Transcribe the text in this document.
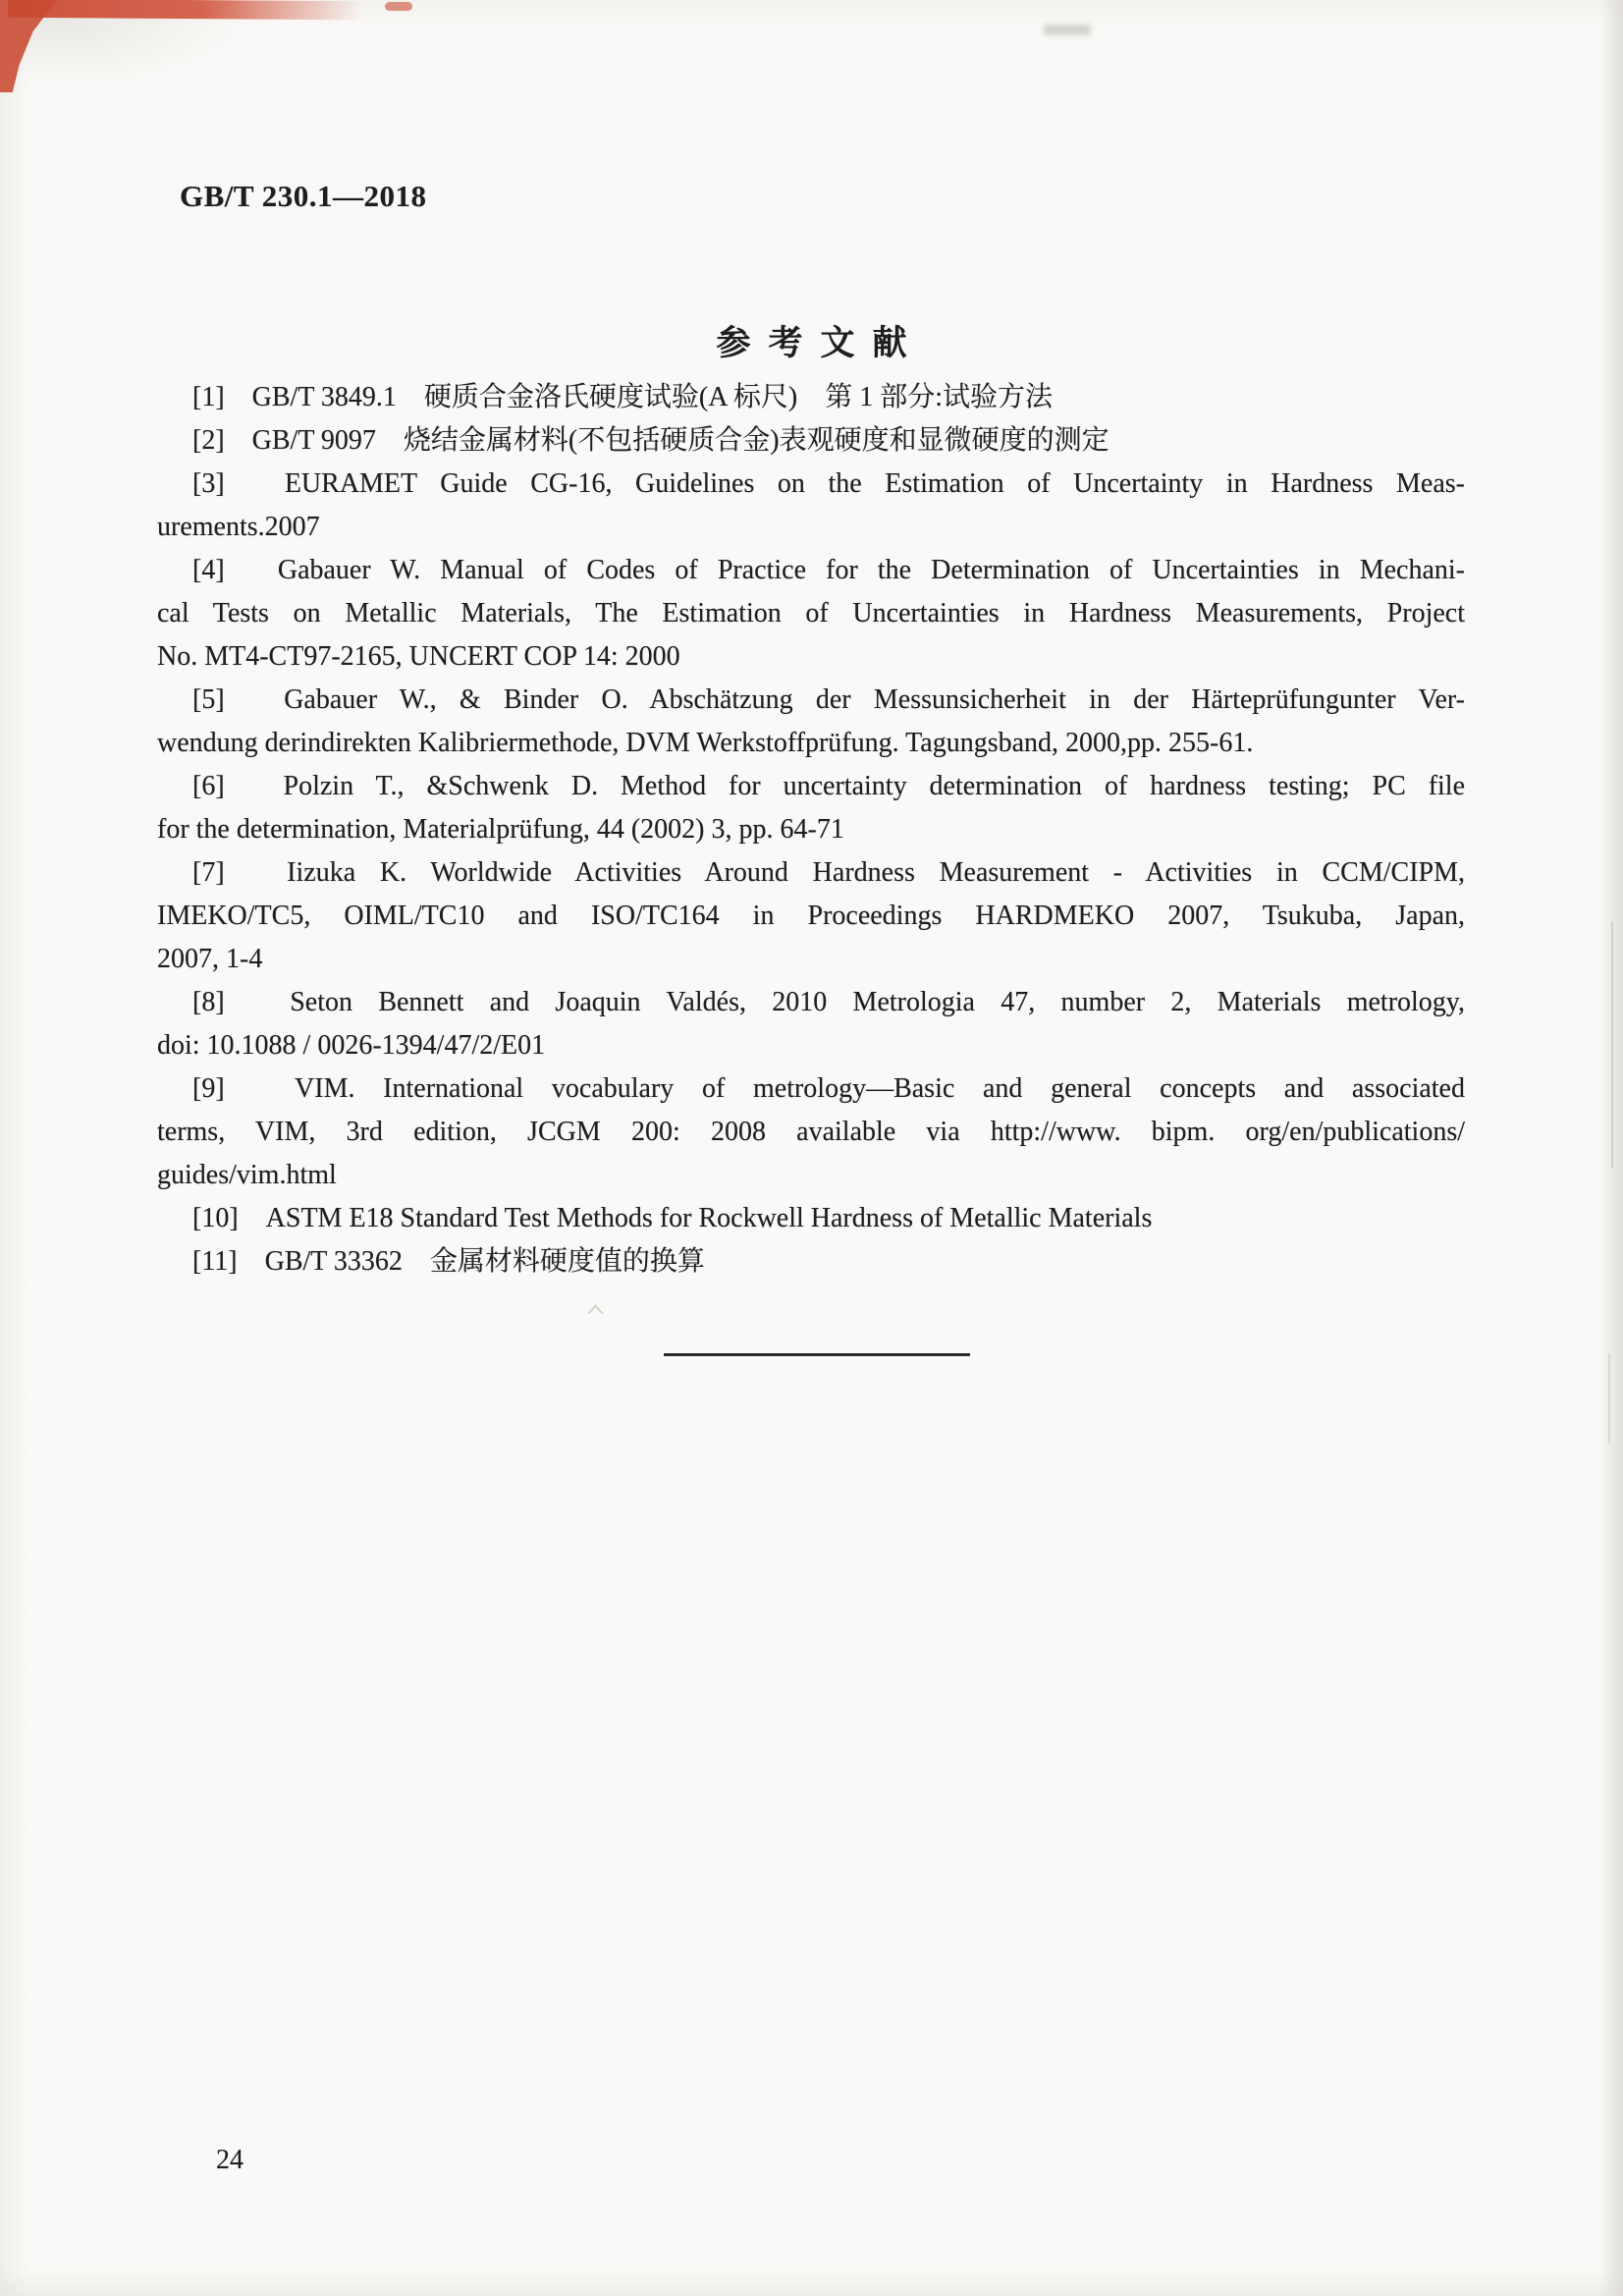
GB/T 230.1—2018
参考文献
[1]　GB/T 3849.1　硬质合金洛氏硬度试验(A 标尺)　第 1 部分:试验方法
[2]　GB/T 9097　烧结金属材料(不包括硬质合金)表观硬度和显微硬度的测定
[3]　EURAMET Guide CG-16, Guidelines on the Estimation of Uncertainty in Hardness Meas-
urements.2007
[4]　Gabauer W. Manual of Codes of Practice for the Determination of Uncertainties in Mechani-
cal Tests on Metallic Materials, The Estimation of Uncertainties in Hardness Measurements, Project
No. MT4-CT97-2165, UNCERT COP 14: 2000
[5]　Gabauer W., & Binder O. Abschätzung der Messunsicherheit in der Härteprüfungunter Ver-
wendung derindirekten Kalibriermethode, DVM Werkstoffprüfung. Tagungsband, 2000,pp. 255-61.
[6]　Polzin T., &Schwenk D. Method for uncertainty determination of hardness testing; PC file
for the determination, Materialprüfung, 44 (2002) 3, pp. 64-71
[7]　Iizuka K. Worldwide Activities Around Hardness Measurement - Activities in CCM/CIPM,
IMEKO/TC5, OIML/TC10 and ISO/TC164 in Proceedings HARDMEKO 2007, Tsukuba, Japan,
2007, 1-4
[8]　Seton Bennett and Joaquin Valdés, 2010 Metrologia 47, number 2, Materials metrology,
doi: 10.1088 / 0026-1394/47/2/E01
[9]　VIM. International vocabulary of metrology—Basic and general concepts and associated
terms, VIM, 3rd edition, JCGM 200: 2008 available via http://www. bipm. org/en/publications/
guides/vim.html
[10]　ASTM E18 Standard Test Methods for Rockwell Hardness of Metallic Materials
[11]　GB/T 33362　金属材料硬度值的换算
24
